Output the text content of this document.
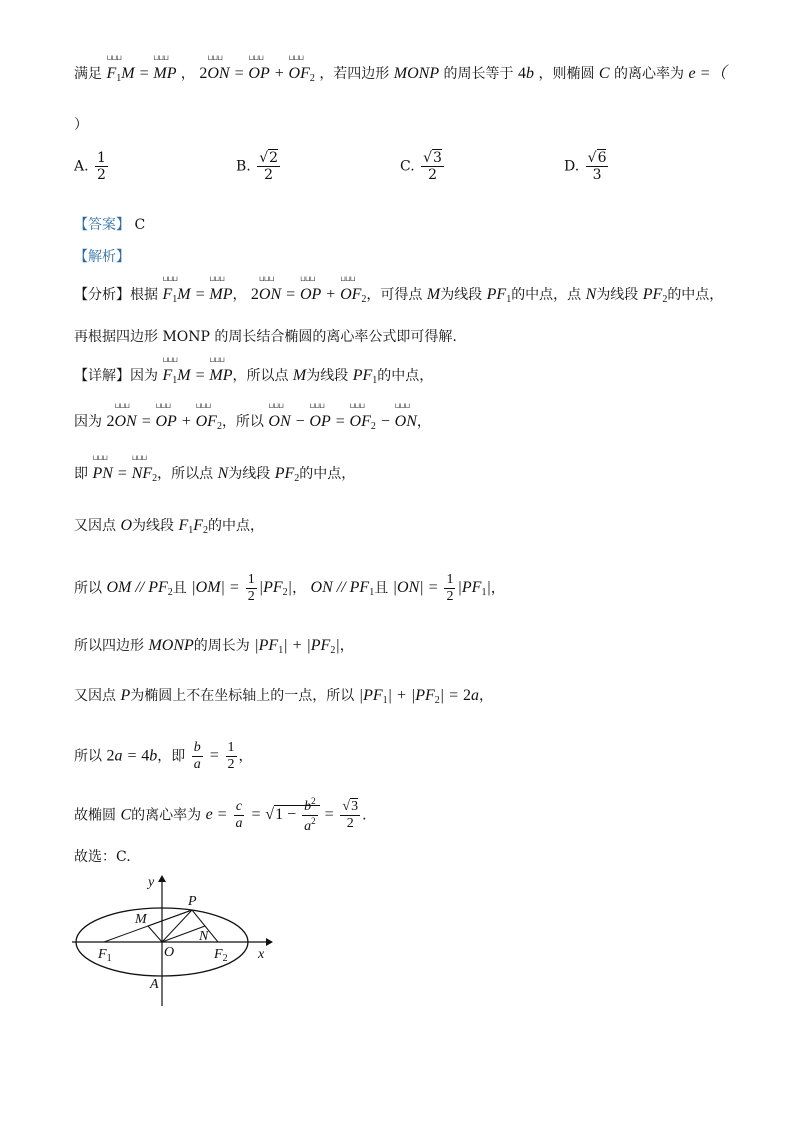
满足 ⊔⊔⊔ $F_1M$ = ⊔⊔⊔ MP ， 2⊔⊔⊔ ON = ⊔⊔⊔ OP + ⊔⊔⊔ $OF_2$ ，若四边形 MONP 的周长等于 4b ，则椭圆 C 的离心率为 e =（
）
A. $\frac{1}{2}$	B. $\frac{√2}{2}$	C. $\frac{√3}{2}$	D. $\frac{√6}{3}$
【答案】 C
【解析】
【分析】根据 ⊔⊔⊔ $F_1M$ = ⊔⊔⊔ MP， 2⊔⊔⊔ ON = ⊔⊔⊔ OP + ⊔⊔⊔ $OF_2$，可得点 M为线段 $PF_1$的中点，点 N为线段 $PF_2$的中点，
再根据四边形 MONP 的周长结合椭圆的离心率公式即可得解.
【详解】因为 ⊔⊔⊔ $F_1M$ = ⊔⊔⊔ MP，所以点 M为线段 $PF_1$的中点，
因为 2⊔⊔⊔ ON = ⊔⊔⊔ OP + ⊔⊔⊔ $OF_2$，所以 ⊔⊔⊔ ON − ⊔⊔⊔ OP = ⊔⊔⊔ $OF_2$ − ⊔⊔⊔ ON，
即 ⊔⊔⊔ PN = ⊔⊔⊔ $NF_2$，所以点 N为线段 $PF_2$的中点，
又因点 O为线段 $F_1F_2$的中点，
所以 OM // $PF_2$且 $|OM| = \frac{1}{2} |PF_2|$， ON // $PF_1$且 $|ON| = \frac{1}{2} |PF_1|$，
所以四边形 MONP的周长为 $|PF_1| + |PF_2|$，
又因点 P为椭圆上不在坐标轴上的一点，所以 $|PF_1| + |PF_2| = 2a$，
所以 2a = 4b，即 $\frac{b}{a} = \frac{1}{2}$ ，
故椭圆 C的离心率为 $e = \frac{c}{a} = √1 - \frac{b^2}{a^2} = \frac{√3}{2}$ .
故选：C.
y
x
P
M
O
N
$F_1$	$F_2$
A
